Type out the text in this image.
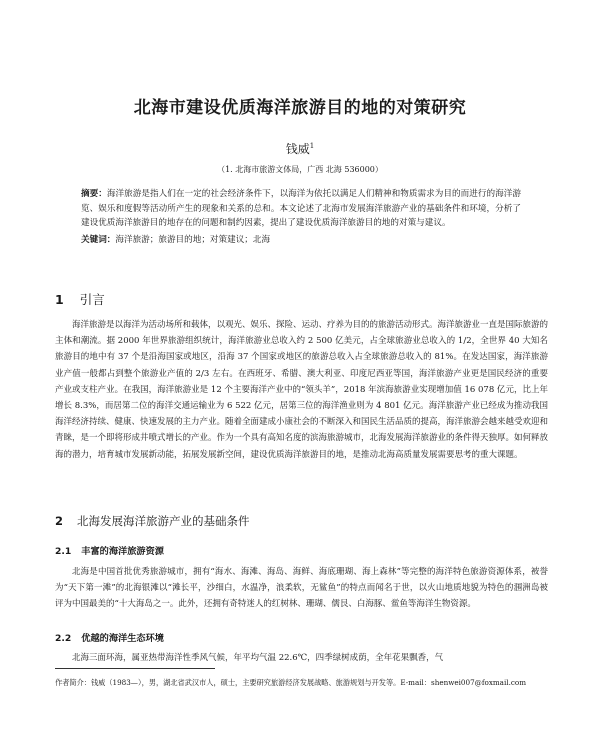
北海市建设优质海洋旅游目的地的对策研究
钱威$^1$
（1. 北海市旅游文体局，广西 北海 536000）
摘要：海洋旅游是指人们在一定的社会经济条件下，以海洋为依托以满足人们精神和物质需求为目的而进行的海洋游览、娱乐和度假等活动所产生的现象和关系的总和。本文论述了北海市发展海洋旅游产业的基础条件和环境，分析了建设优质海洋旅游目的地存在的问题和制约因素，提出了建设优质海洋旅游目的地的对策与建议。
关键词：海洋旅游；旅游目的地；对策建议；北海
1 引言
海洋旅游是以海洋为活动场所和载体，以观光、娱乐、探险、运动、疗养为目的的旅游活动形式。海洋旅游业一直是国际旅游的主体和潮流。据 2000 年世界旅游组织统计，海洋旅游业总收入约 2 500 亿美元，占全球旅游业总收入的 1/2，全世界 40 大知名旅游目的地中有 37 个是沿海国家或地区，沿海 37 个国家或地区的旅游总收入占全球旅游总收入的 81%。在发达国家，海洋旅游业产值一般都占到整个旅游业产值的 2/3 左右。在西班牙、希腊、澳大利亚、印度尼西亚等国，海洋旅游产业更是国民经济的重要产业或支柱产业。在我国，海洋旅游业是 12 个主要海洋产业中的“领头羊”，2018 年滨海旅游业实现增加值 16 078 亿元，比上年增长 8.3%，而居第二位的海洋交通运输业为 6 522 亿元，居第三位的海洋渔业则为 4 801 亿元。海洋旅游产业已经成为推动我国海洋经济持续、健康、快速发展的主力产业。随着全面建成小康社会的不断深入和国民生活品质的提高，海洋旅游会越来越受欢迎和青睐，是一个即将形成井喷式增长的产业。作为一个具有高知名度的滨海旅游城市，北海发展海洋旅游业的条件得天独厚。如何释放海的潜力，培育城市发展新动能，拓展发展新空间，建设优质海洋旅游目的地，是推动北海高质量发展需要思考的重大课题。
2 北海发展海洋旅游产业的基础条件
2.1 丰富的海洋旅游资源
北海是中国首批优秀旅游城市，拥有“海水、海滩、海岛、海鲜、海底珊瑚、海上森林”等完整的海洋特色旅游资源体系，被誉为“天下第一滩”的北海银滩以“滩长平，沙细白，水温净，浪柔软，无鲨鱼”的特点而闻名于世，以火山地质地貌为特色的涠洲岛被评为中国最美的“十大海岛之一。此外，还拥有奇特迷人的红树林、珊瑚、儒艮、白海豚、鲎鱼等海洋生物资源。
2.2 优越的海洋生态环境
北海三面环海，属亚热带海洋性季风气候，年平均气温 22.6℃，四季绿树成荫，全年花果飘香，气
作者简介：钱威（1983—），男，湖北省武汉市人，硕士，主要研究旅游经济发展战略、旅游规划与开发等。E-mail：shenwei007@foxmail.com
